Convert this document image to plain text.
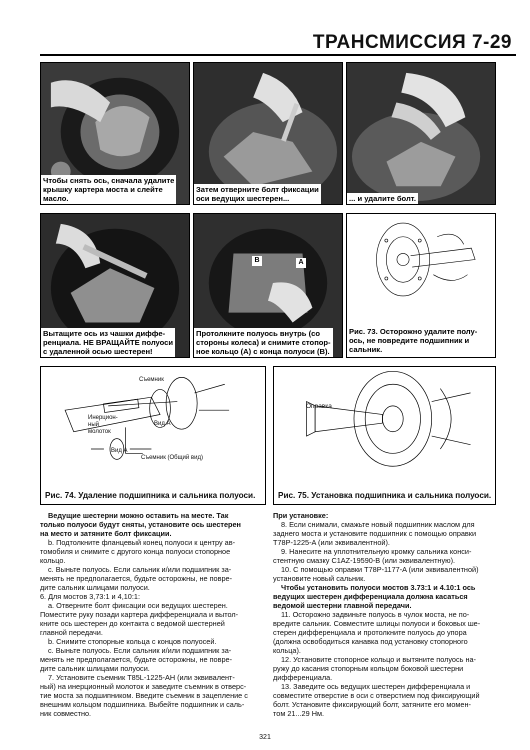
ТРАНСМИССИЯ 7-29
Чтобы снять ось, сначала удалите
крышку картера моста и слейте
масло.
Затем отверните болт фиксации
оси ведущих шестерен...	... и удалите болт.
Вытащите ось из чашки диффе-
ренциала. НЕ ВРАЩАЙТЕ полуоси
с удаленной осью шестерен!
B	A
Протолкните полуось внутрь (со
стороны колеса) и снимите стопор-
ное кольцо (А) с конца полуоси (В).
Рис. 73. Осторожно удалите полу-
ось, не повредите подшипник и
сальник.
Съемник
Инерцион-
ный
молоток
Вид А
Вид А
Съемник (Общий вид)
Рис. 74. Удаление подшипника и сальника полуоси.
Оправка
Рис. 75. Установка подшипника и сальника полуоси.

Ведущие шестерни можно оставить на месте. Так

только полуоси будут сняты, установите ось шестерен

на место и затяните болт фиксации.

b. Подтолкните фланцевый конец полуоси к центру ав-

томобиля и снимите с другого конца полуоси стопорное

кольцо.

с. Выньте полуось. Если сальник и/или подшипник за-

менять не предполагается, будьте осторожны, не повре-

дите сальник шлицами полуоси.

6. Для мостов 3,73:1 и 4,10:1:

а. Отверните болт фиксации оси ведущих шестерен.

Поместите руку позади картера дифференциала и вытол-

кните ось шестерен до контакта с ведомой шестерней

главной передачи.

b. Снимите стопорные кольца с концов полуосей.

с. Выньте полуось. Если сальник и/или подшипник за-

менять не предполагается, будьте осторожны, не повре-

дите сальник шлицами полуоси.

7. Установите съемник T85L-1225-AH (или эквивалент-

ный) на инерционный молоток и заведите съемник в отверс-

тие моста за подшипником. Введите съемник в зацепление с

внешним кольцом подшипника. Выбейте подшипник и саль-

ник совместно.

При установке:

8. Если снимали, смажьте новый подшипник маслом для

заднего моста и установите подшипник с помощью оправки

T78P-1225-A (или эквивалентной).

9. Нанесите на уплотнительную кромку сальника конси-

стентную смазку C1AZ-19590-B (или эквивалентную).

10. С помощью оправки T78P-1177-A (или эквивалентной)

установите новый сальник.

Чтобы установить полуоси мостов 3.73:1 и 4.10:1 ось

ведущих шестерен дифференциала должна касаться

ведомой шестерни главной передачи.

11. Осторожно задвиньте полуось в чулок моста, не по-

вредите сальник. Совместите шлицы полуоси и боковых ше-

стерен дифференциала и протолкните полуось до упора

(должна освободиться канавка под установку стопорного

кольца).

12. Установите стопорное кольцо и вытяните полуось на-

ружу до касания стопорным кольцом боковой шестерни

дифференциала.

13. Заведите ось ведущих шестерен дифференциала и

совместите отверстие в оси с отверстием под фиксирующий

болт. Установите фиксирующий болт, затяните его момен-

том 21...29 Нм.

321
